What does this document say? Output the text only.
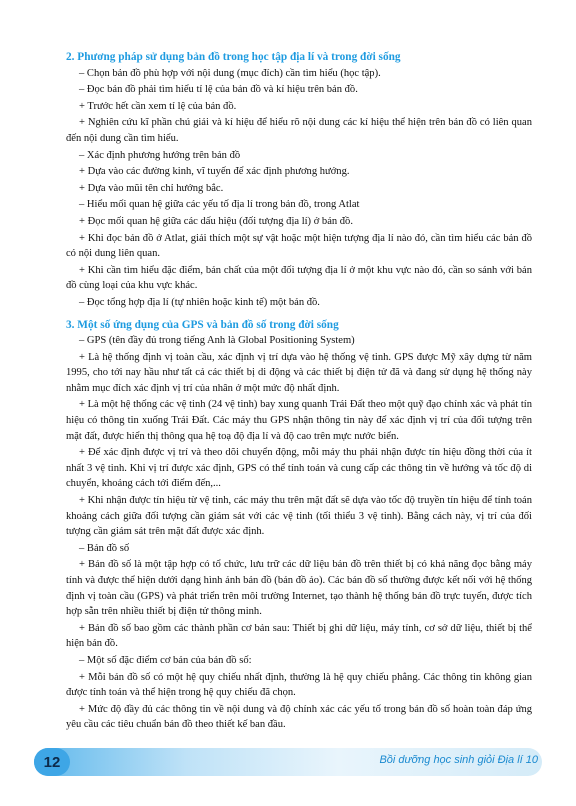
2. Phương pháp sử dụng bản đồ trong học tập địa lí và trong đời sống

– Chọn bản đồ phù hợp với nội dung (mục đích) cần tìm hiểu (học tập).

– Đọc bản đồ phải tìm hiểu tỉ lệ của bản đồ và kí hiệu trên bản đồ.

+ Trước hết cần xem tỉ lệ của bản đồ.

+ Nghiên cứu kĩ phần chú giải và kí hiệu để hiểu rõ nội dung các kí hiệu thể hiện trên bản đồ có liên quan đến nội dung cần tìm hiểu.

– Xác định phương hướng trên bản đồ

+ Dựa vào các đường kinh, vĩ tuyến để xác định phương hướng.

+ Dựa vào mũi tên chỉ hướng bắc.

– Hiểu mối quan hệ giữa các yếu tố địa lí trong bản đồ, trong Atlat

+ Đọc mối quan hệ giữa các dấu hiệu (đối tượng địa lí) ở bản đồ.

+ Khi đọc bản đồ ở Atlat, giải thích một sự vật hoặc một hiện tượng địa lí nào đó, cần tìm hiểu các bản đồ có nội dung liên quan.

+ Khi cần tìm hiểu đặc điểm, bản chất của một đối tượng địa lí ở một khu vực nào đó, cần so sánh với bản đồ cùng loại của khu vực khác.

– Đọc tổng hợp địa lí (tự nhiên hoặc kinh tế) một bản đồ.

3. Một số ứng dụng của GPS và bản đồ số trong đời sống

– GPS (tên đầy đủ trong tiếng Anh là Global Positioning System)

+ Là hệ thống định vị toàn cầu, xác định vị trí dựa vào hệ thống vệ tinh. GPS được Mỹ xây dựng từ năm 1995, cho tới nay hầu như tất cả các thiết bị di động và các thiết bị điện tử đã và đang sử dụng hệ thống này nhằm mục đích xác định vị trí của nhân ở một mức độ nhất định.

+ Là một hệ thống các vệ tinh (24 vệ tinh) bay xung quanh Trái Đất theo một quỹ đạo chính xác và phát tín hiệu có thông tin xuống Trái Đất. Các máy thu GPS nhận thông tin này để xác định vị trí của đối tượng trên mặt đất, được hiển thị thông qua hệ toạ độ địa lí và độ cao trên mực nước biển.

+ Để xác định được vị trí và theo dõi chuyển động, mỗi máy thu phải nhận được tín hiệu đồng thời của ít nhất 3 vệ tinh. Khi vị trí được xác định, GPS có thể tính toán và cung cấp các thông tin về hướng và tốc độ di chuyển, khoảng cách tới điểm đến,...

+ Khi nhận được tín hiệu từ vệ tinh, các máy thu trên mặt đất sẽ dựa vào tốc độ truyền tín hiệu để tính toán khoảng cách giữa đối tượng cần giám sát với các vệ tinh (tối thiểu 3 vệ tinh). Bằng cách này, vị trí của đối tượng cần giám sát trên mặt đất được xác định.

– Bản đồ số

+ Bản đồ số là một tập hợp có tổ chức, lưu trữ các dữ liệu bản đồ trên thiết bị có khả năng đọc bằng máy tính và được thể hiện dưới dạng hình ảnh bản đồ (bản đồ ảo). Các bản đồ số thường được kết nối với hệ thống định vị toàn cầu (GPS) và phát triển trên môi trường Internet, tạo thành hệ thống bản đồ trực tuyến, được tích hợp sẵn trên nhiều thiết bị điện tử thông minh.

+ Bản đồ số bao gồm các thành phần cơ bản sau: Thiết bị ghi dữ liệu, máy tính, cơ sở dữ liệu, thiết bị thể hiện bản đồ.

– Một số đặc điểm cơ bản của bản đồ số:

+ Mỗi bản đồ số có một hệ quy chiếu nhất định, thường là hệ quy chiếu phẳng. Các thông tin không gian được tính toán và thể hiện trong hệ quy chiếu đã chọn.

+ Mức độ đầy đủ các thông tin về nội dung và độ chính xác các yếu tố trong bản đồ số hoàn toàn đáp ứng yêu cầu các tiêu chuẩn bản đồ theo thiết kế ban đầu.

12	Bồi dưỡng học sinh giỏi Địa lí 10
